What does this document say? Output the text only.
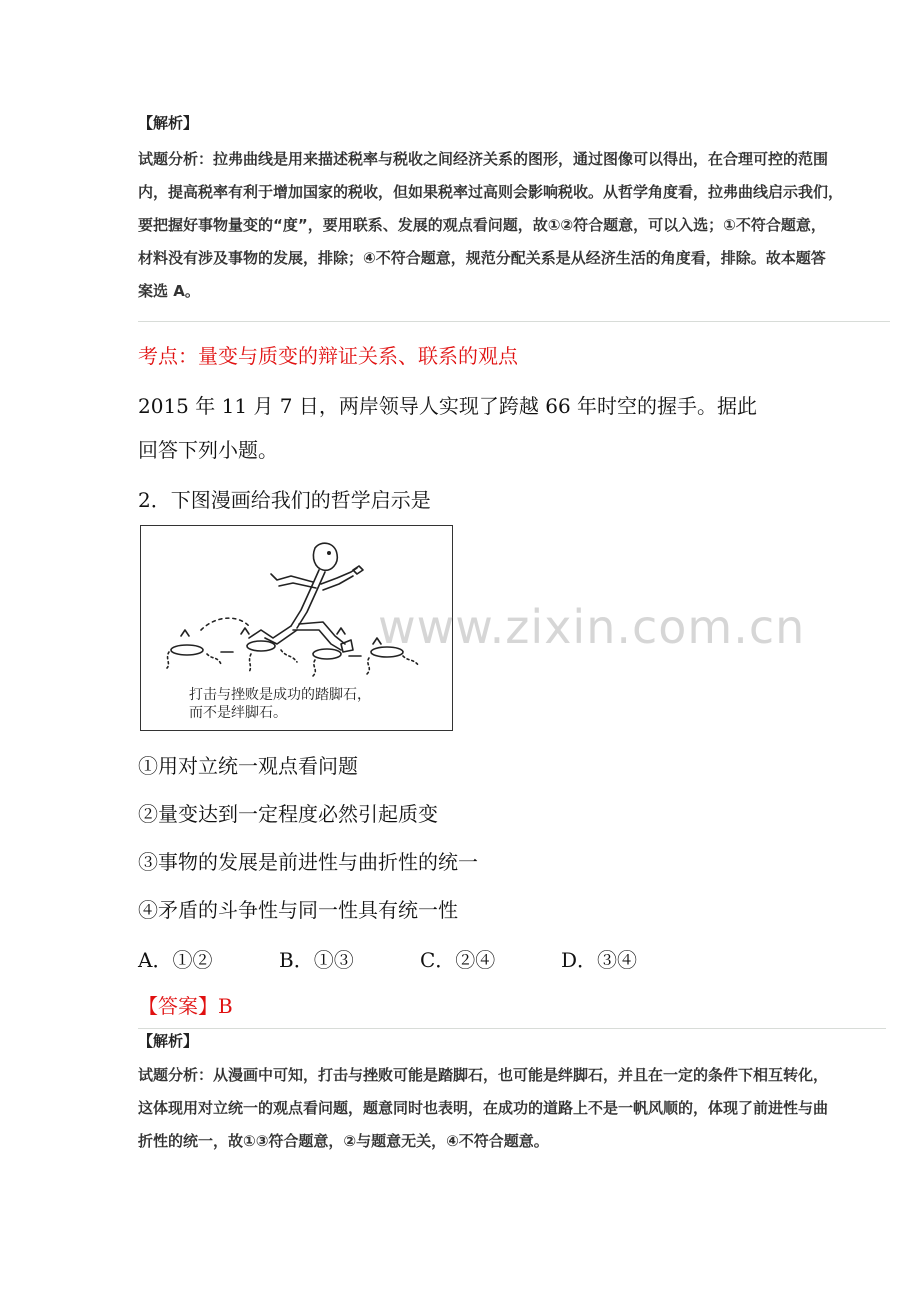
【解析】
试题分析：拉弗曲线是用来描述税率与税收之间经济关系的图形，通过图像可以得出，在合理可控的范围
内，提高税率有利于增加国家的税收，但如果税率过高则会影响税收。从哲学角度看，拉弗曲线启示我们，
要把握好事物量变的“度”，要用联系、发展的观点看问题，故①②符合题意，可以入选；①不符合题意，
材料没有涉及事物的发展，排除；④不符合题意，规范分配关系是从经济生活的角度看，排除。故本题答
案选 A。
考点：量变与质变的辩证关系、联系的观点
2015 年 11 月 7 日，两岸领导人实现了跨越 66 年时空的握手。据此
回答下列小题。
2．下图漫画给我们的哲学启示是
打击与挫败是成功的踏脚石，
而不是绊脚石。
www.zixin.com.cn
①用对立统一观点看问题
②量变达到一定程度必然引起质变
③事物的发展是前进性与曲折性的统一
④矛盾的斗争性与同一性具有统一性
A．①②	B．①③	C．②④	D．③④
【答案】B
【解析】
试题分析：从漫画中可知，打击与挫败可能是踏脚石，也可能是绊脚石，并且在一定的条件下相互转化，
这体现用对立统一的观点看问题，题意同时也表明，在成功的道路上不是一帆风顺的，体现了前进性与曲
折性的统一，故①③符合题意，②与题意无关，④不符合题意。
